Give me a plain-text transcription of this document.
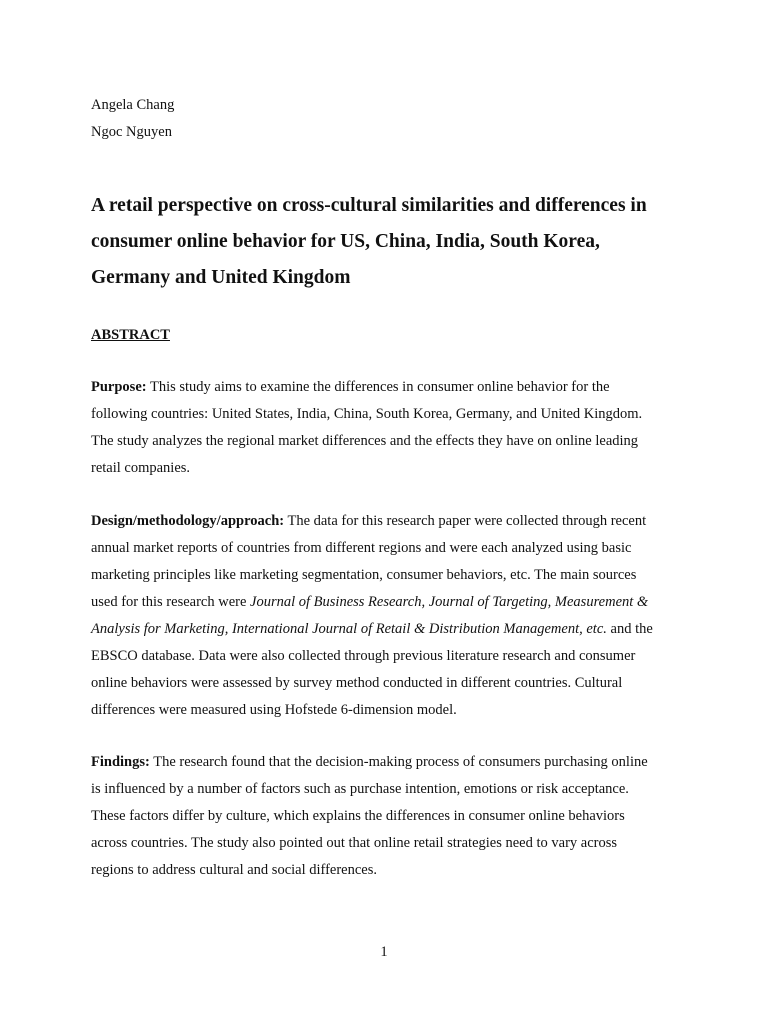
Angela Chang
Ngoc Nguyen
A retail perspective on cross-cultural similarities and differences in
consumer online behavior for US, China, India, South Korea,
Germany and United Kingdom
ABSTRACT
Purpose: This study aims to examine the differences in consumer online behavior for the
following countries: United States, India, China, South Korea, Germany, and United Kingdom.
The study analyzes the regional market differences and the effects they have on online leading
retail companies.
Design/methodology/approach: The data for this research paper were collected through recent
annual market reports of countries from different regions and were each analyzed using basic
marketing principles like marketing segmentation, consumer behaviors, etc. The main sources
used for this research were Journal of Business Research, Journal of Targeting, Measurement &
Analysis for Marketing, International Journal of Retail & Distribution Management, etc. and the
EBSCO database. Data were also collected through previous literature research and consumer
online behaviors were assessed by survey method conducted in different countries. Cultural
differences were measured using Hofstede 6-dimension model.
Findings: The research found that the decision-making process of consumers purchasing online
is influenced by a number of factors such as purchase intention, emotions or risk acceptance.
These factors differ by culture, which explains the differences in consumer online behaviors
across countries. The study also pointed out that online retail strategies need to vary across
regions to address cultural and social differences.
1
